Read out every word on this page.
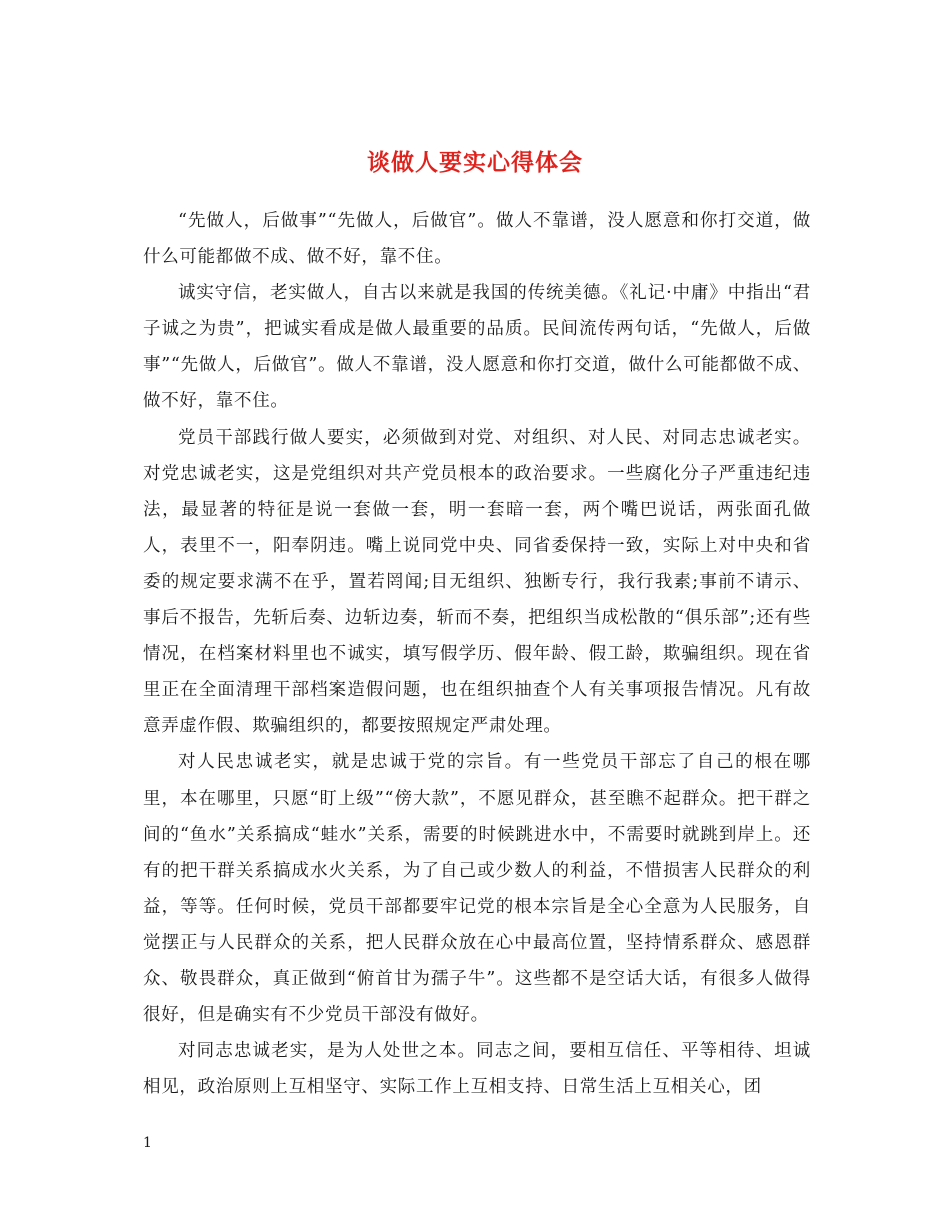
谈做人要实心得体会

“先做人，后做事”“先做人，后做官”。做人不靠谱，没人愿意和你打交道，做什么可能都做不成、做不好，靠不住。

诚实守信，老实做人，自古以来就是我国的传统美德。《礼记·中庸》中指出“君子诚之为贵”，把诚实看成是做人最重要的品质。民间流传两句话，“先做人，后做事”“先做人，后做官”。做人不靠谱，没人愿意和你打交道，做什么可能都做不成、做不好，靠不住。

党员干部践行做人要实，必须做到对党、对组织、对人民、对同志忠诚老实。对党忠诚老实，这是党组织对共产党员根本的政治要求。一些腐化分子严重违纪违法，最显著的特征是说一套做一套，明一套暗一套，两个嘴巴说话，两张面孔做人，表里不一，阳奉阴违。嘴上说同党中央、同省委保持一致，实际上对中央和省委的规定要求满不在乎，置若罔闻;目无组织、独断专行，我行我素;事前不请示、事后不报告，先斩后奏、边斩边奏，斩而不奏，把组织当成松散的“俱乐部”;还有些情况，在档案材料里也不诚实，填写假学历、假年龄、假工龄，欺骗组织。现在省里正在全面清理干部档案造假问题，也在组织抽查个人有关事项报告情况。凡有故意弄虚作假、欺骗组织的，都要按照规定严肃处理。

对人民忠诚老实，就是忠诚于党的宗旨。有一些党员干部忘了自己的根在哪里，本在哪里，只愿“盯上级”“傍大款”，不愿见群众，甚至瞧不起群众。把干群之间的“鱼水”关系搞成“蛙水”关系，需要的时候跳进水中，不需要时就跳到岸上。还有的把干群关系搞成水火关系，为了自己或少数人的利益，不惜损害人民群众的利益，等等。任何时候，党员干部都要牢记党的根本宗旨是全心全意为人民服务，自觉摆正与人民群众的关系，把人民群众放在心中最高位置，坚持情系群众、感恩群众、敬畏群众，真正做到“俯首甘为孺子牛”。这些都不是空话大话，有很多人做得很好，但是确实有不少党员干部没有做好。

对同志忠诚老实，是为人处世之本。同志之间，要相互信任、平等相待、坦诚相见，政治原则上互相坚守、实际工作上互相支持、日常生活上互相关心，团

1
